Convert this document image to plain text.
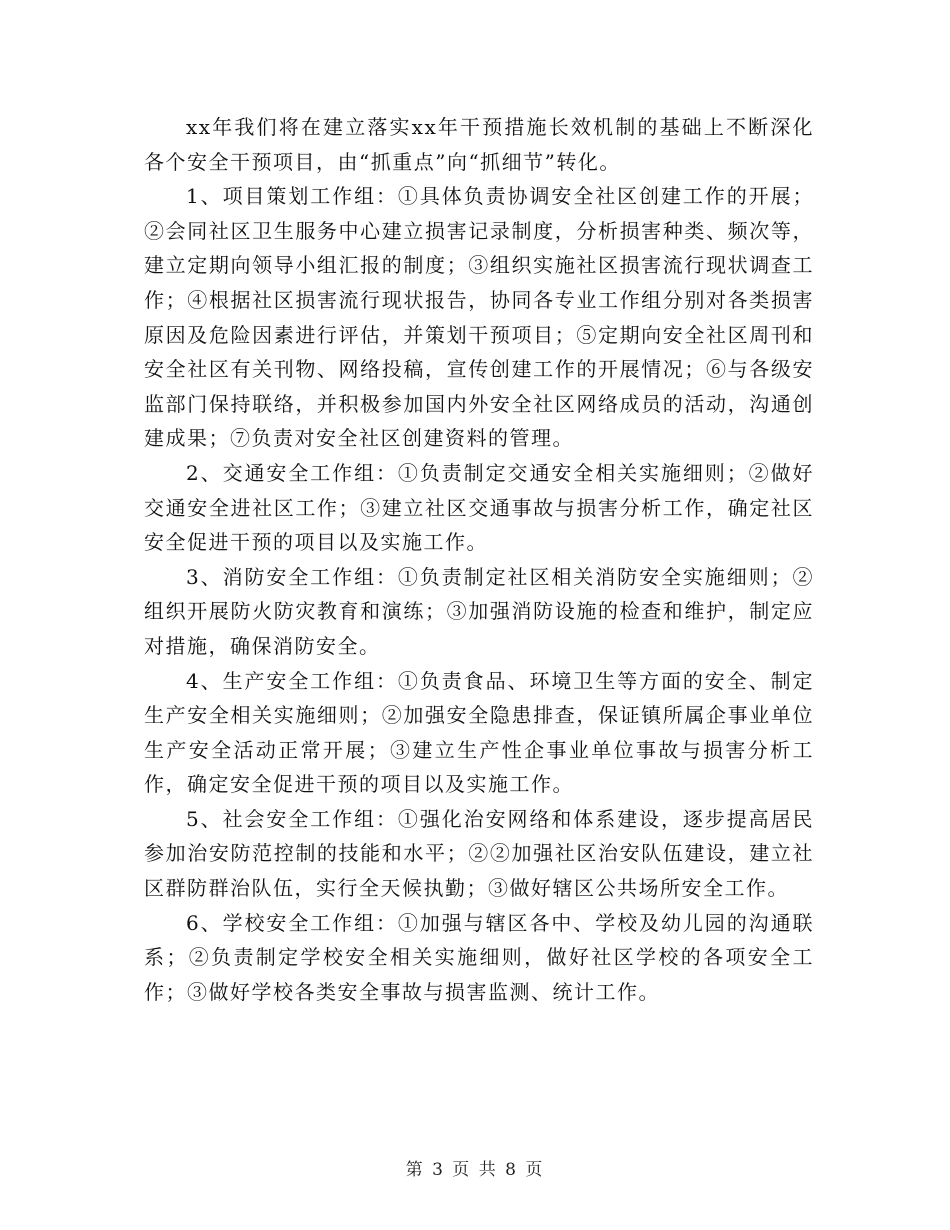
xx年我们将在建立落实xx年干预措施长效机制的基础上不断深化各个安全干预项目，由“抓重点”向“抓细节”转化。

1、项目策划工作组：①具体负责协调安全社区创建工作的开展；②会同社区卫生服务中心建立损害记录制度，分析损害种类、频次等，建立定期向领导小组汇报的制度；③组织实施社区损害流行现状调查工作；④根据社区损害流行现状报告，协同各专业工作组分别对各类损害原因及危险因素进行评估，并策划干预项目；⑤定期向安全社区周刊和安全社区有关刊物、网络投稿，宣传创建工作的开展情况；⑥与各级安监部门保持联络，并积极参加国内外安全社区网络成员的活动，沟通创建成果；⑦负责对安全社区创建资料的管理。

2、交通安全工作组：①负责制定交通安全相关实施细则；②做好交通安全进社区工作；③建立社区交通事故与损害分析工作，确定社区安全促进干预的项目以及实施工作。

3、消防安全工作组：①负责制定社区相关消防安全实施细则；②组织开展防火防灾教育和演练；③加强消防设施的检查和维护，制定应对措施，确保消防安全。

4、生产安全工作组：①负责食品、环境卫生等方面的安全、制定生产安全相关实施细则；②加强安全隐患排查，保证镇所属企事业单位生产安全活动正常开展；③建立生产性企事业单位事故与损害分析工作，确定安全促进干预的项目以及实施工作。

5、社会安全工作组：①强化治安网络和体系建设，逐步提高居民参加治安防范控制的技能和水平；②②加强社区治安队伍建设，建立社区群防群治队伍，实行全天候执勤；③做好辖区公共场所安全工作。

6、学校安全工作组：①加强与辖区各中、学校及幼儿园的沟通联系；②负责制定学校安全相关实施细则，做好社区学校的各项安全工作；③做好学校各类安全事故与损害监测、统计工作。

第 3 页 共 8 页
